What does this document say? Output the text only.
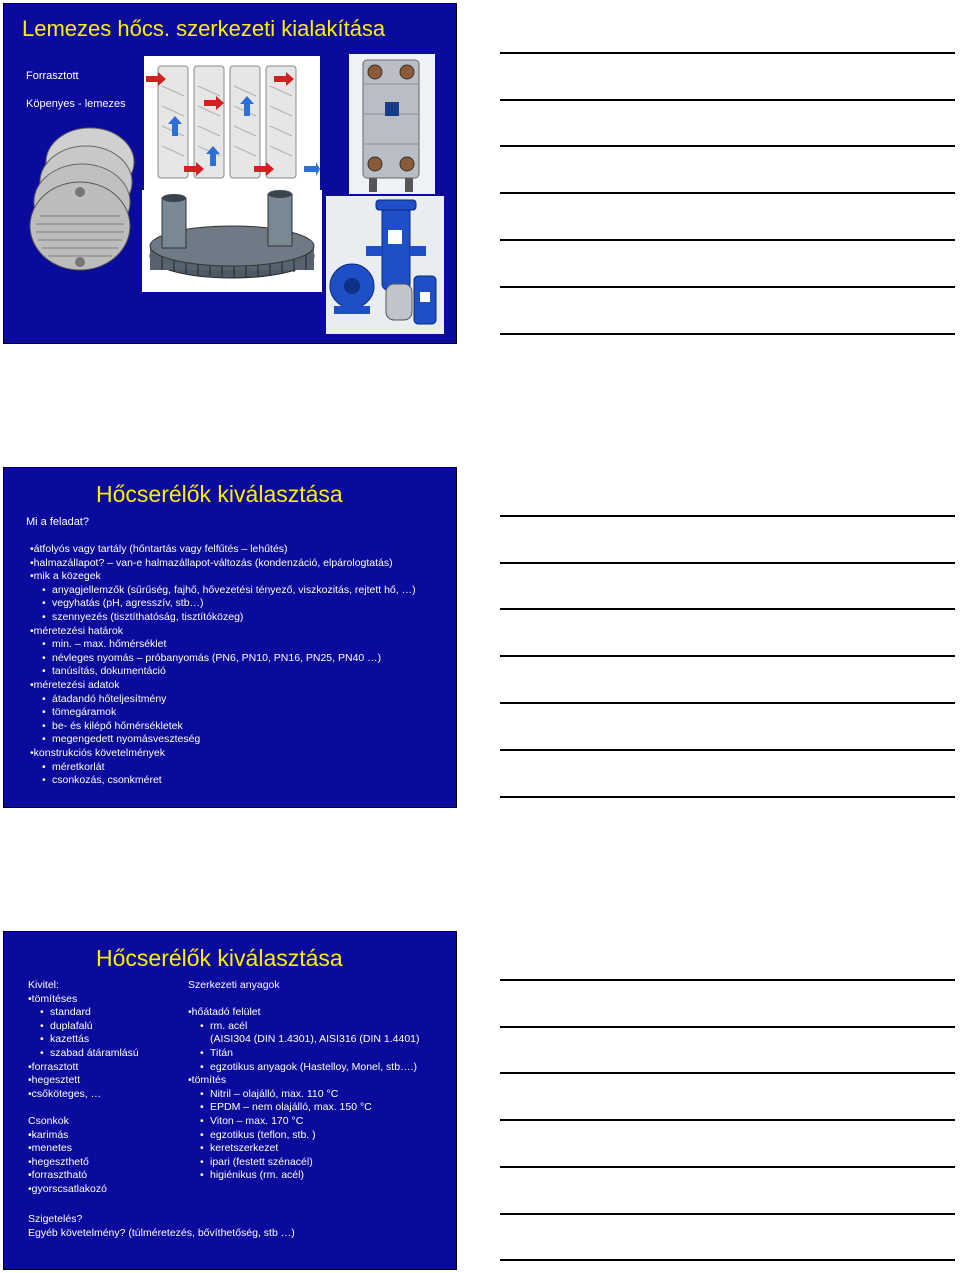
Lemezes hőcs. szerkezeti kialakítása
Forrasztott
Köpenyes - lemezes
Hőcserélők kiválasztása
Mi a feladat?
•átfolyós vagy tartály (hőntartás vagy felfűtés – lehűtés)
•halmazállapot? – van-e halmazállapot-változás (kondenzáció, elpárologtatás)
•mik a közegek
• anyagjellemzők (sűrűség, fajhő, hővezetési tényező, viszkozitás, rejtett hő, …)
• vegyhatás (pH, agresszív, stb…)
• szennyezés (tisztíthatóság, tisztítóközeg)
•méretezési határok
• min. – max. hőmérséklet
• névleges nyomás – próbanyomás (PN6, PN10, PN16, PN25, PN40 …)
• tanúsítás, dokumentáció
•méretezési adatok
• átadandó hőteljesítmény
• tömegáramok
• be- és kilépő hőmérsékletek
• megengedett nyomásveszteség
•konstrukciós követelmények
• méretkorlát
• csonkozás, csonkméret
Hőcserélők kiválasztása
Kivitel:
•tömítéses
• standard
• duplafalú
• kazettás
• szabad átáramlású
•forrasztott
•hegesztett
•csőköteges, …
Csonkok
•karimás
•menetes
•hegeszthető
•forrasztható
•gyorscsatlakozó
Szerkezeti anyagok
•hőátadó felület
• rm. acél
(AISI304 (DIN 1.4301), AISI316 (DIN 1.4401)
• Titán
• egzotikus anyagok (Hastelloy, Monel, stb….)
•tömítés
• Nitril – olajálló, max. 110 °C
• EPDM – nem olajálló, max. 150 °C
• Viton – max. 170 °C
• egzotikus (teflon, stb. )
• keretszerkezet
• ipari (festett szénacél)
• higiénikus (rm. acél)
Szigetelés?
Egyéb követelmény? (túlméretezés, bővíthetőség, stb …)
